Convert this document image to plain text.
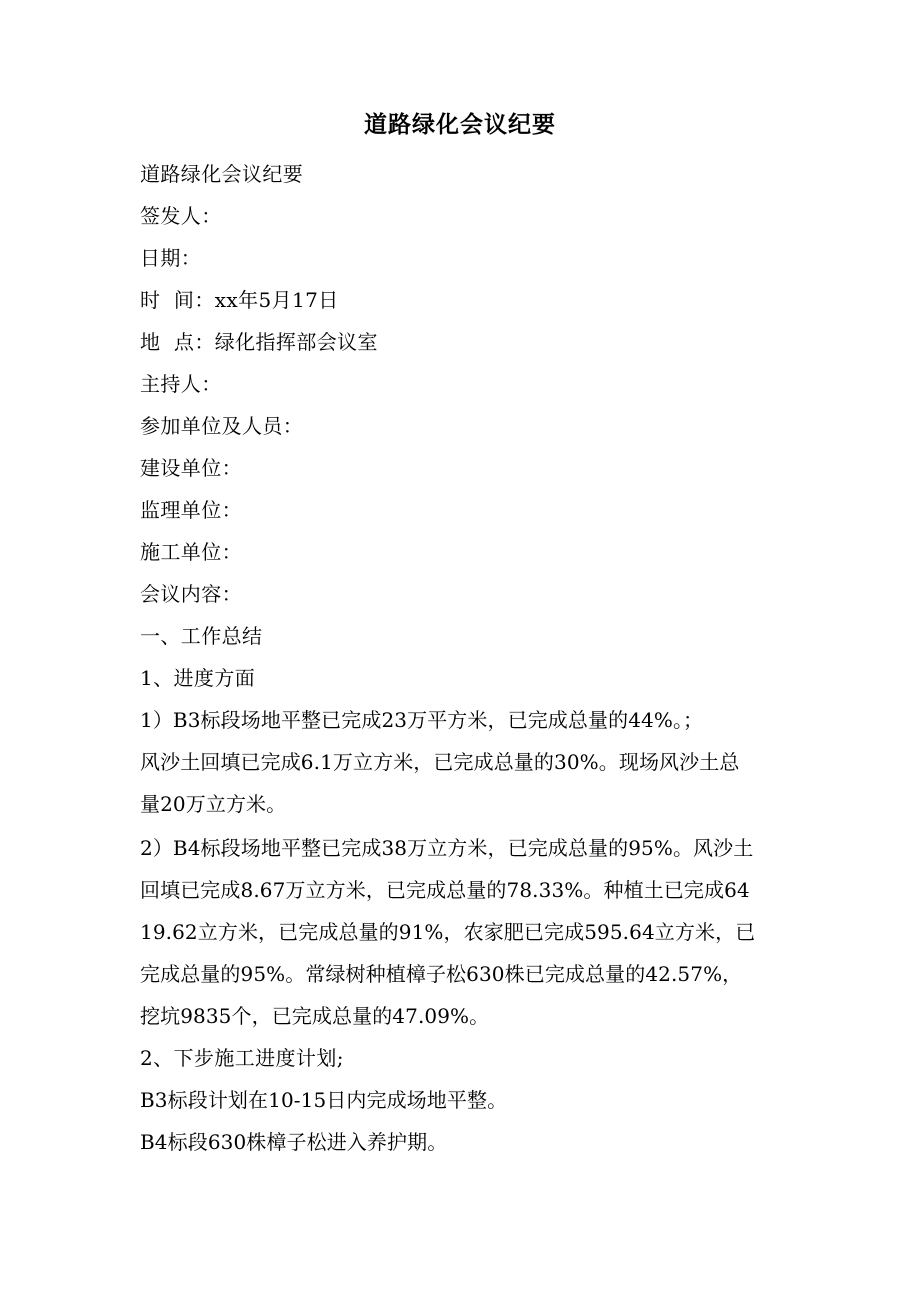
道路绿化会议纪要
道路绿化会议纪要
签发人：
日期：
时  间：xx年5月17日
地  点：绿化指挥部会议室
主持人：
参加单位及人员：
建设单位：
监理单位：
施工单位：
会议内容：
一、工作总结
1、进度方面
1）B3标段场地平整已完成23万平方米，已完成总量的44%。；
风沙土回填已完成6.1万立方米，已完成总量的30%。现场风沙土总
量20万立方米。
2）B4标段场地平整已完成38万立方米，已完成总量的95%。风沙土
回填已完成8.67万立方米，已完成总量的78.33%。种植土已完成64
19.62立方米，已完成总量的91%，农家肥已完成595.64立方米，已
完成总量的95%。常绿树种植樟子松630株已完成总量的42.57%，
挖坑9835个，已完成总量的47.09%。
2、下步施工进度计划;
B3标段计划在10-15日内完成场地平整。
B4标段630株樟子松进入养护期。
